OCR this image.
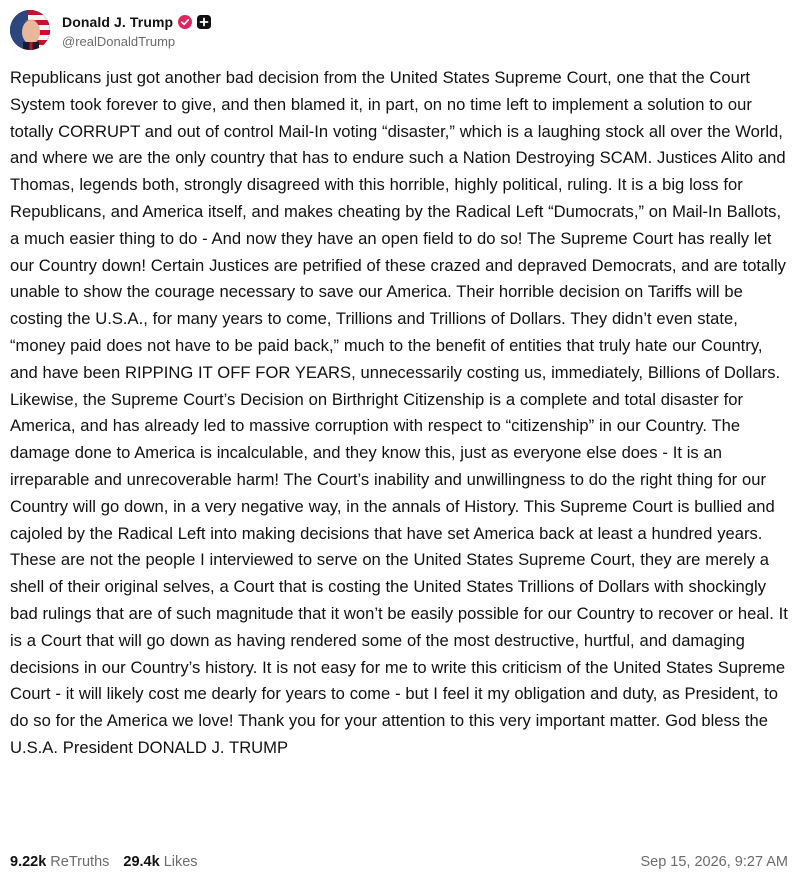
Donald J. Trump
@realDonaldTrump
Republicans just got another bad decision from the United States Supreme Court, one that the Court System took forever to give, and then blamed it, in part, on no time left to implement a solution to our totally CORRUPT and out of control Mail-In voting “disaster,” which is a laughing stock all over the World, and where we are the only country that has to endure such a Nation Destroying SCAM. Justices Alito and Thomas, legends both, strongly disagreed with this horrible, highly political, ruling. It is a big loss for Republicans, and America itself, and makes cheating by the Radical Left “Dumocrats,” on Mail-In Ballots, a much easier thing to do - And now they have an open field to do so! The Supreme Court has really let our Country down! Certain Justices are petrified of these crazed and depraved Democrats, and are totally unable to show the courage necessary to save our America. Their horrible decision on Tariffs will be costing the U.S.A., for many years to come, Trillions and Trillions of Dollars. They didn’t even state, “money paid does not have to be paid back,” much to the benefit of entities that truly hate our Country, and have been RIPPING IT OFF FOR YEARS, unnecessarily costing us, immediately, Billions of Dollars. Likewise, the Supreme Court’s Decision on Birthright Citizenship is a complete and total disaster for America, and has already led to massive corruption with respect to “citizenship” in our Country. The damage done to America is incalculable, and they know this, just as everyone else does - It is an irreparable and unrecoverable harm! The Court’s inability and unwillingness to do the right thing for our Country will go down, in a very negative way, in the annals of History. This Supreme Court is bullied and cajoled by the Radical Left into making decisions that have set America back at least a hundred years. These are not the people I interviewed to serve on the United States Supreme Court, they are merely a shell of their original selves, a Court that is costing the United States Trillions of Dollars with shockingly bad rulings that are of such magnitude that it won’t be easily possible for our Country to recover or heal. It is a Court that will go down as having rendered some of the most destructive, hurtful, and damaging decisions in our Country’s history. It is not easy for me to write this criticism of the United States Supreme Court - it will likely cost me dearly for years to come - but I feel it my obligation and duty, as President, to do so for the America we love! Thank you for your attention to this very important matter. God bless the U.S.A. President DONALD J. TRUMP
9.22k ReTruths 29.4k Likes	Sep 15, 2026, 9:27 AM
